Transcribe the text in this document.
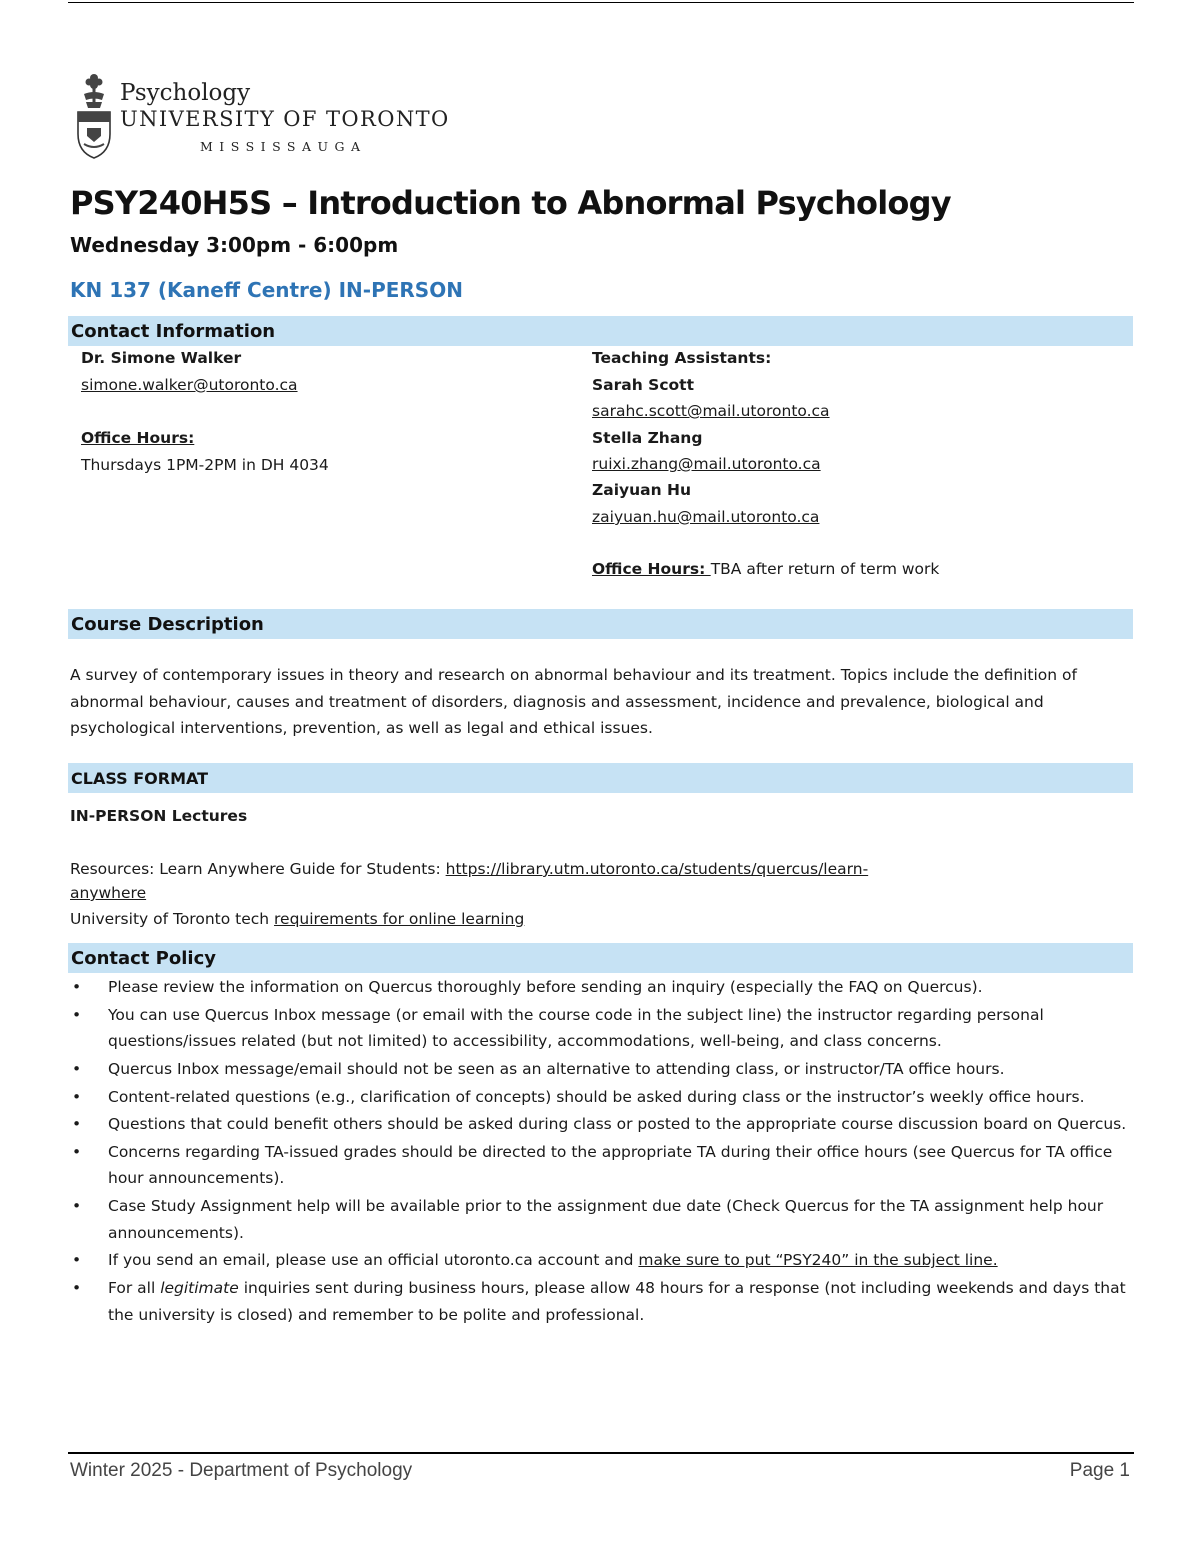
Psychology
UNIVERSITY OF TORONTO
MISSISSAUGA
PSY240H5S – Introduction to Abnormal Psychology
Wednesday 3:00pm - 6:00pm
KN 137 (Kaneff Centre) IN-PERSON
Contact Information
Dr. Simone Walker
simone.walker@utoronto.ca
Office Hours:
Thursdays 1PM-2PM in DH 4034
Teaching Assistants:
Sarah Scott
sarahc.scott@mail.utoronto.ca
Stella Zhang
ruixi.zhang@mail.utoronto.ca
Zaiyuan Hu
zaiyuan.hu@mail.utoronto.ca
Office Hours: TBA after return of term work
Course Description
A survey of contemporary issues in theory and research on abnormal behaviour and its treatment. Topics include the definition of abnormal behaviour, causes and treatment of disorders, diagnosis and assessment, incidence and prevalence, biological and psychological interventions, prevention, as well as legal and ethical issues.
CLASS FORMAT
IN-PERSON Lectures
Resources: Learn Anywhere Guide for Students: https://library.utm.utoronto.ca/students/quercus/learn-
anywhere
University of Toronto tech requirements for online learning
Contact Policy
• Please review the information on Quercus thoroughly before sending an inquiry (especially the FAQ on Quercus).
• You can use Quercus Inbox message (or email with the course code in the subject line) the instructor regarding personal questions/issues related (but not limited) to accessibility, accommodations, well-being, and class concerns.
• Quercus Inbox message/email should not be seen as an alternative to attending class, or instructor/TA office hours.
• Content-related questions (e.g., clarification of concepts) should be asked during class or the instructor’s weekly office hours.
• Questions that could benefit others should be asked during class or posted to the appropriate course discussion board on Quercus.
• Concerns regarding TA-issued grades should be directed to the appropriate TA during their office hours (see Quercus for TA office hour announcements).
• Case Study Assignment help will be available prior to the assignment due date (Check Quercus for the TA assignment help hour announcements).
• If you send an email, please use an official utoronto.ca account and make sure to put “PSY240” in the subject line.
• For all legitimate inquiries sent during business hours, please allow 48 hours for a response (not including weekends and days that the university is closed) and remember to be polite and professional.
Winter 2025 - Department of Psychology	Page 1
